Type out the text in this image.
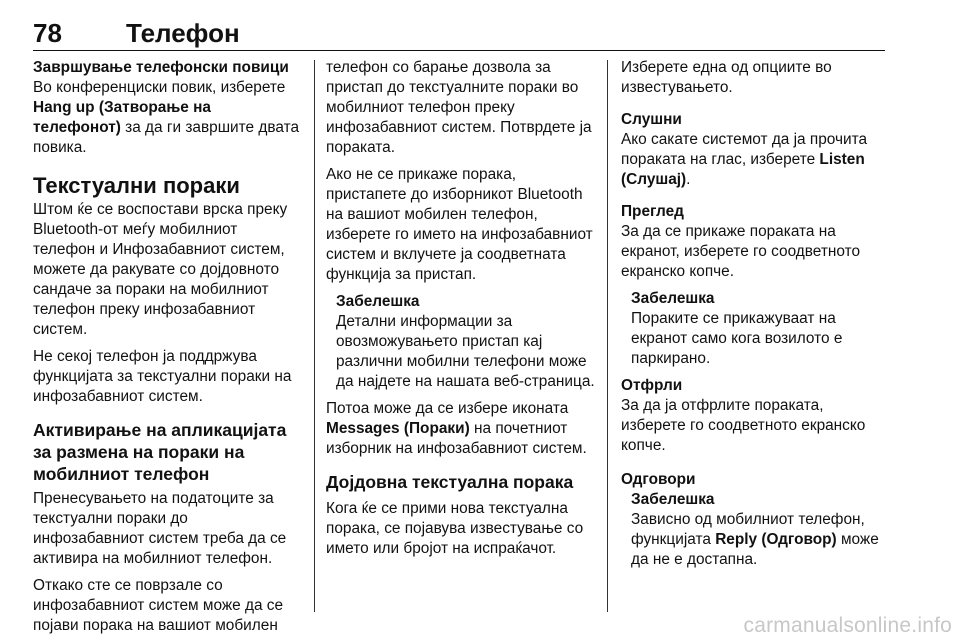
78 Телефон
Завршување телефонски повици

Во конференциски повик, изберете Hang up (Затворање на телефонот) за да ги завршите двата повика.

Текстуални пораки

Штом ќе се воспостави врска преку Bluetooth-от меѓу мобилниот телефон и Инфозабавниот систем, можете да ракувате со дојдовното сандаче за пораки на мобилниот телефон преку инфозабавниот систем.

Не секој телефон ја поддржува функцијата за текстуални пораки на инфозабавниот систем.

Активирање на апликацијата за размена на пораки на мобилниот телефон

Пренесувањето на податоците за текстуални пораки до инфозабавниот систем треба да се активира на мобилниот телефон.

Откако сте се поврзале со инфозабавниот систем може да се појави порака на вашиот мобилен

телефон со барање дозвола за пристап до текстуалните пораки во мобилниот телефон преку инфозабавниот систем. Потврдете ја пораката.

Ако не се прикаже порака, пристапете до изборникот Bluetooth на вашиот мобилен телефон, изберете го името на инфозабавниот систем и вклучете ја соодветната функција за пристап.

Забелешка
Детални информации за овозможувањето пристап кај различни мобилни телефони може да најдете на нашата веб-страница.

Потоа може да се избере иконата Messages (Пораки) на почетниот изборник на инфозабавниот систем.

Дојдовна текстуална порака

Кога ќе се прими нова текстуална порака, се појавува известување со името или бројот на испраќачот.

Изберете една од опциите во известувањето.

Слушни

Ако сакате системот да ја прочита пораката на глас, изберете Listen (Слушај).

Преглед

За да се прикаже пораката на екранот, изберете го соодветното екранско копче.

Забелешка
Пораките се прикажуваат на екранот само кога возилото е паркирано.
Отфрли

За да ја отфрлите пораката, изберете го соодветното екранско копче.

Одговори
Забелешка
Зависно од мобилниот телефон, функцијата Reply (Одговор) може да не е достапна.
carmanualsonline.info
